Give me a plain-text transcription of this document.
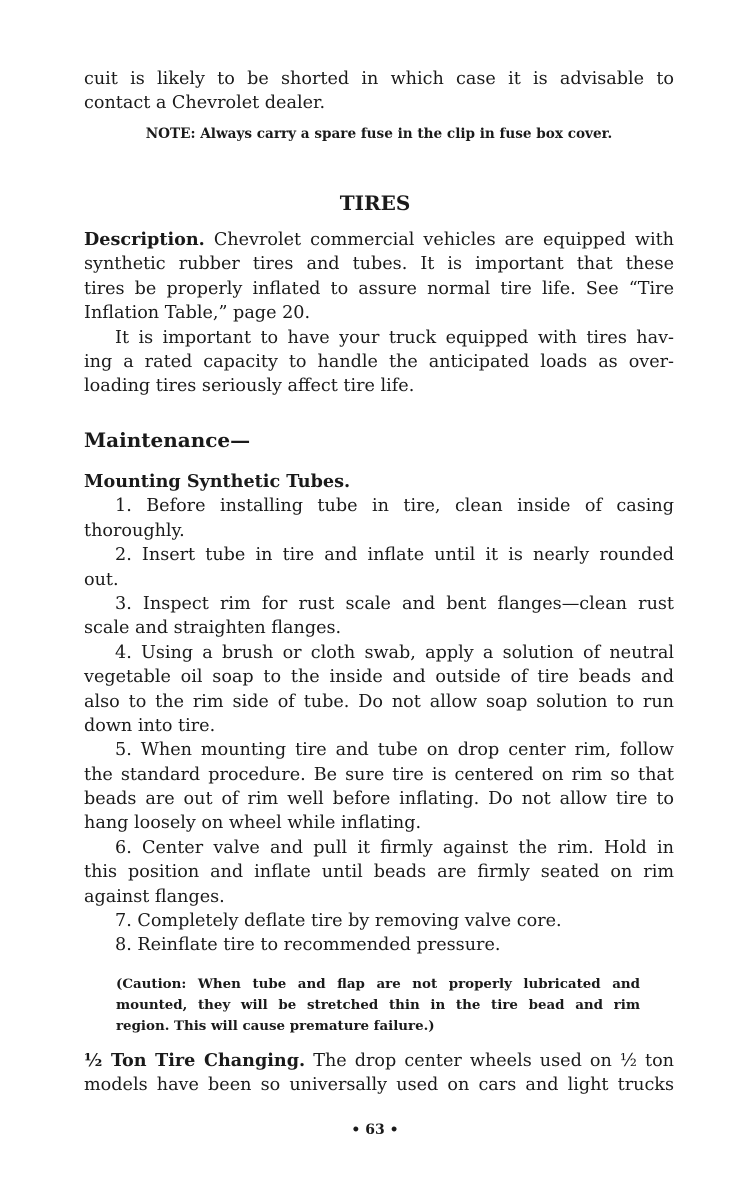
cuit is likely to be shorted in which case it is advisable to
contact a Chevrolet dealer.
NOTE: Always carry a spare fuse in the clip in fuse box cover.
TIRES
Description. Chevrolet commercial vehicles are equipped with
synthetic rubber tires and tubes. It is important that these
tires be properly inflated to assure normal tire life. See “Tire
Inflation Table,” page 20.
It is important to have your truck equipped with tires hav-
ing a rated capacity to handle the anticipated loads as over-
loading tires seriously affect tire life.
Maintenance—
Mounting Synthetic Tubes.
1. Before installing tube in tire, clean inside of casing
thoroughly.
2. Insert tube in tire and inflate until it is nearly rounded
out.
3. Inspect rim for rust scale and bent flanges—clean rust
scale and straighten flanges.
4. Using a brush or cloth swab, apply a solution of neutral
vegetable oil soap to the inside and outside of tire beads and
also to the rim side of tube. Do not allow soap solution to run
down into tire.
5. When mounting tire and tube on drop center rim, follow
the standard procedure. Be sure tire is centered on rim so that
beads are out of rim well before inflating. Do not allow tire to
hang loosely on wheel while inflating.
6. Center valve and pull it firmly against the rim. Hold in
this position and inflate until beads are firmly seated on rim
against flanges.
7. Completely deflate tire by removing valve core.
8. Reinflate tire to recommended pressure.
(Caution: When tube and flap are not properly lubricated and
mounted, they will be stretched thin in the tire bead and rim
region. This will cause premature failure.)
½ Ton Tire Changing. The drop center wheels used on ½ ton
models have been so universally used on cars and light trucks
• 63 •
